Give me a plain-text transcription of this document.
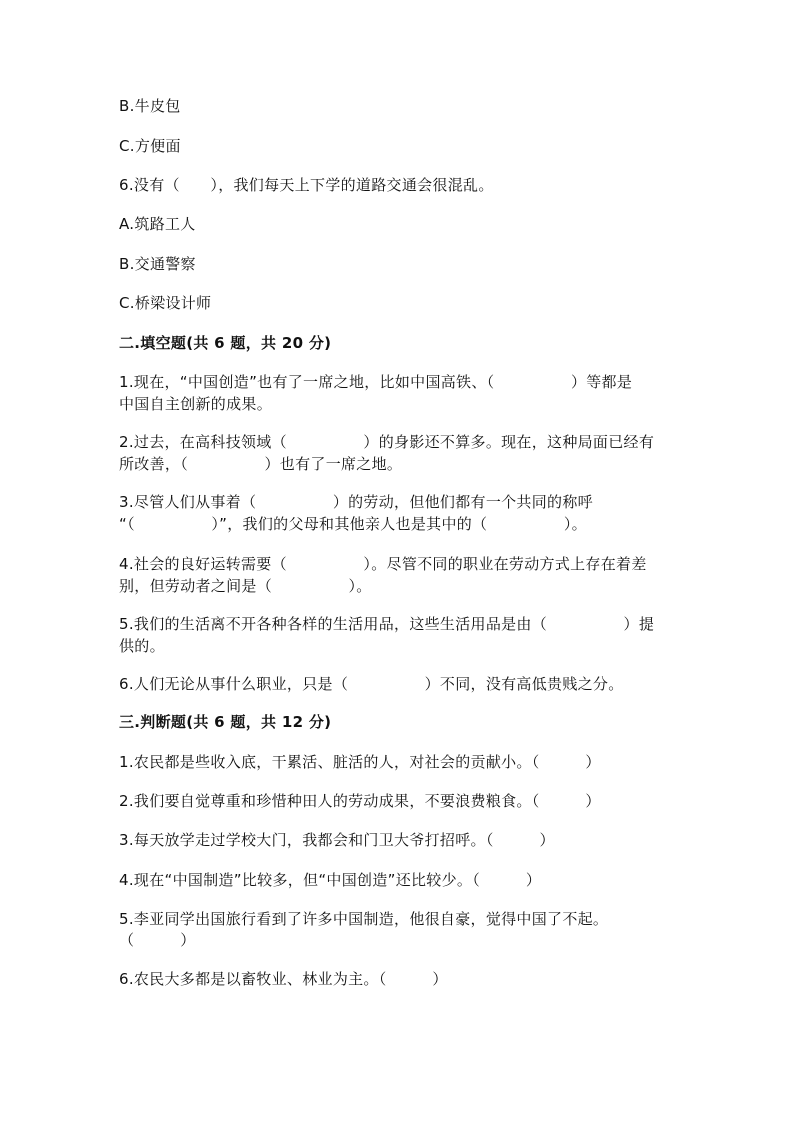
B.牛皮包

C.方便面

6.没有（　　），我们每天上下学的道路交通会很混乱。

A.筑路工人

B.交通警察

C.桥梁设计师

二.填空题(共 6 题，共 20 分)

1.现在，“中国创造”也有了一席之地，比如中国高铁、（　　　　　）等都是

中国自主创新的成果。

2.过去，在高科技领域（　　　　　）的身影还不算多。现在，这种局面已经有

所改善，（　　　　　）也有了一席之地。

3.尽管人们从事着（　　　　　）的劳动，但他们都有一个共同的称呼

“（　　　　　）”，我们的父母和其他亲人也是其中的（　　　　　）。

4.社会的良好运转需要（　　　　　）。尽管不同的职业在劳动方式上存在着差

别，但劳动者之间是（　　　　　）。

5.我们的生活离不开各种各样的生活用品，这些生活用品是由（　　　　　）提

供的。

6.人们无论从事什么职业，只是（　　　　　）不同，没有高低贵贱之分。

三.判断题(共 6 题，共 12 分)

1.农民都是些收入底，干累活、脏活的人，对社会的贡献小。（　　　）

2.我们要自觉尊重和珍惜种田人的劳动成果，不要浪费粮食。（　　　）

3.每天放学走过学校大门，我都会和门卫大爷打招呼。（　　　）

4.现在“中国制造”比较多，但“中国创造”还比较少。（　　　）

5.李亚同学出国旅行看到了许多中国制造，他很自豪，觉得中国了不起。

（　　　）

6.农民大多都是以畜牧业、林业为主。（　　　）
